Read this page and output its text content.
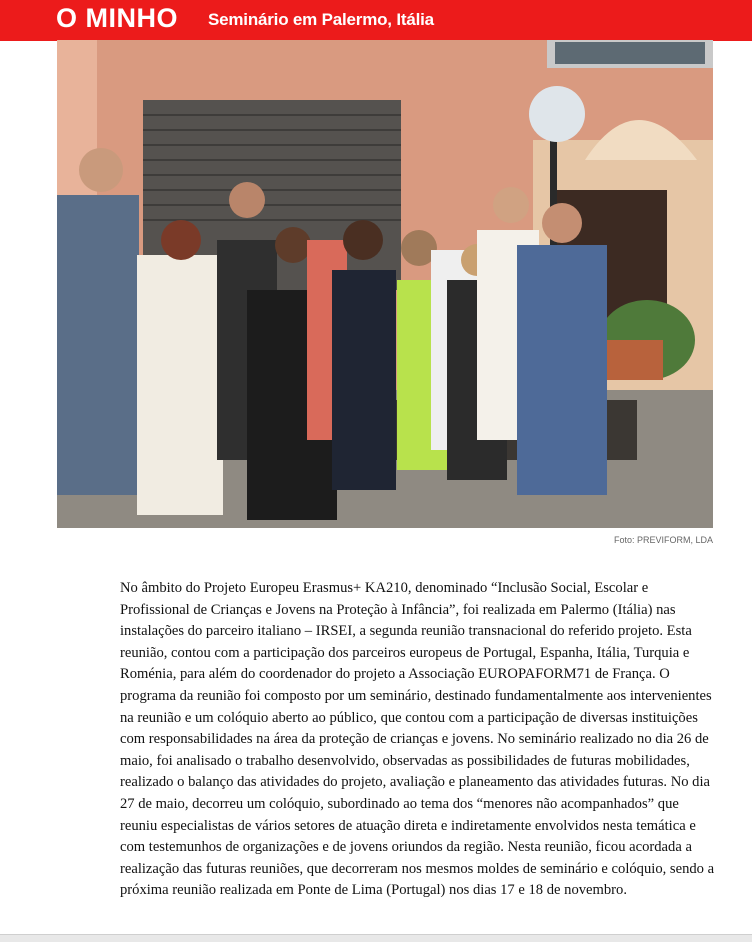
O MINHO Seminário em Palermo, Itália
Foto: PREVIFORM, LDA

No âmbito do Projeto Europeu Erasmus+ KA210, denominado “Inclusão Social, Escolar e Profissional de Crianças e Jovens na Proteção à Infância”, foi realizada em Palermo (Itália) nas instalações do parceiro italiano – IRSEI, a segunda reunião transnacional do referido projeto. Esta reunião, contou com a participação dos parceiros europeus de Portugal, Espanha, Itália, Turquia e Roménia, para além do coordenador do projeto a Associação EUROPAFORM71 de França. O programa da reunião foi composto por um seminário, destinado fundamentalmente aos intervenientes na reunião e um colóquio aberto ao público, que contou com a participação de diversas instituições com responsabilidades na área da proteção de crianças e jovens. No seminário realizado no dia 26 de maio, foi analisado o trabalho desenvolvido, observadas as possibilidades de futuras mobilidades, realizado o balanço das atividades do projeto, avaliação e planeamento das atividades futuras. No dia 27 de maio, decorreu um colóquio, subordinado ao tema dos “menores não acompanhados” que reuniu especialistas de vários setores de atuação direta e indiretamente envolvidos nesta temática e com testemunhos de organizações e de jovens oriundos da região. Nesta reunião, ficou acordada a realização das futuras reuniões, que decorreram nos mesmos moldes de seminário e colóquio, sendo a próxima reunião realizada em Ponte de Lima (Portugal) nos dias 17 e 18 de novembro.
